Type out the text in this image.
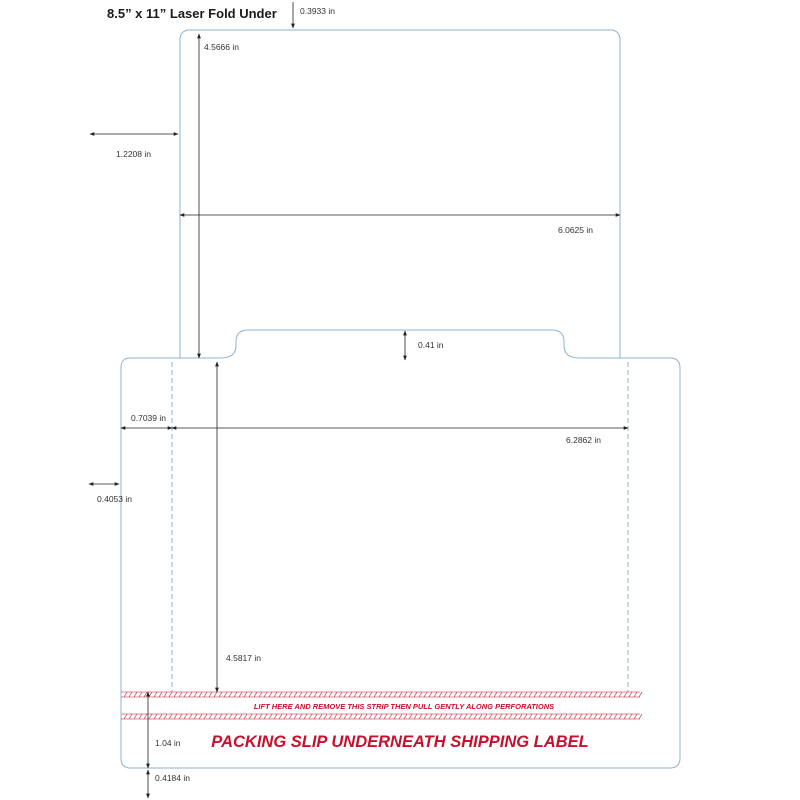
8.5” x 11” Laser Fold Under
LIFT HERE AND REMOVE THIS STRIP THEN PULL GENTLY ALONG PERFORATIONS
PACKING SLIP UNDERNEATH SHIPPING LABEL
0.3933 in
4.5666 in
1.2208 in
6.0625 in
0.41 in
0.7039 in
6.2862 in
0.4053 in
4.5817 in
1.04 in
0.4184 in
